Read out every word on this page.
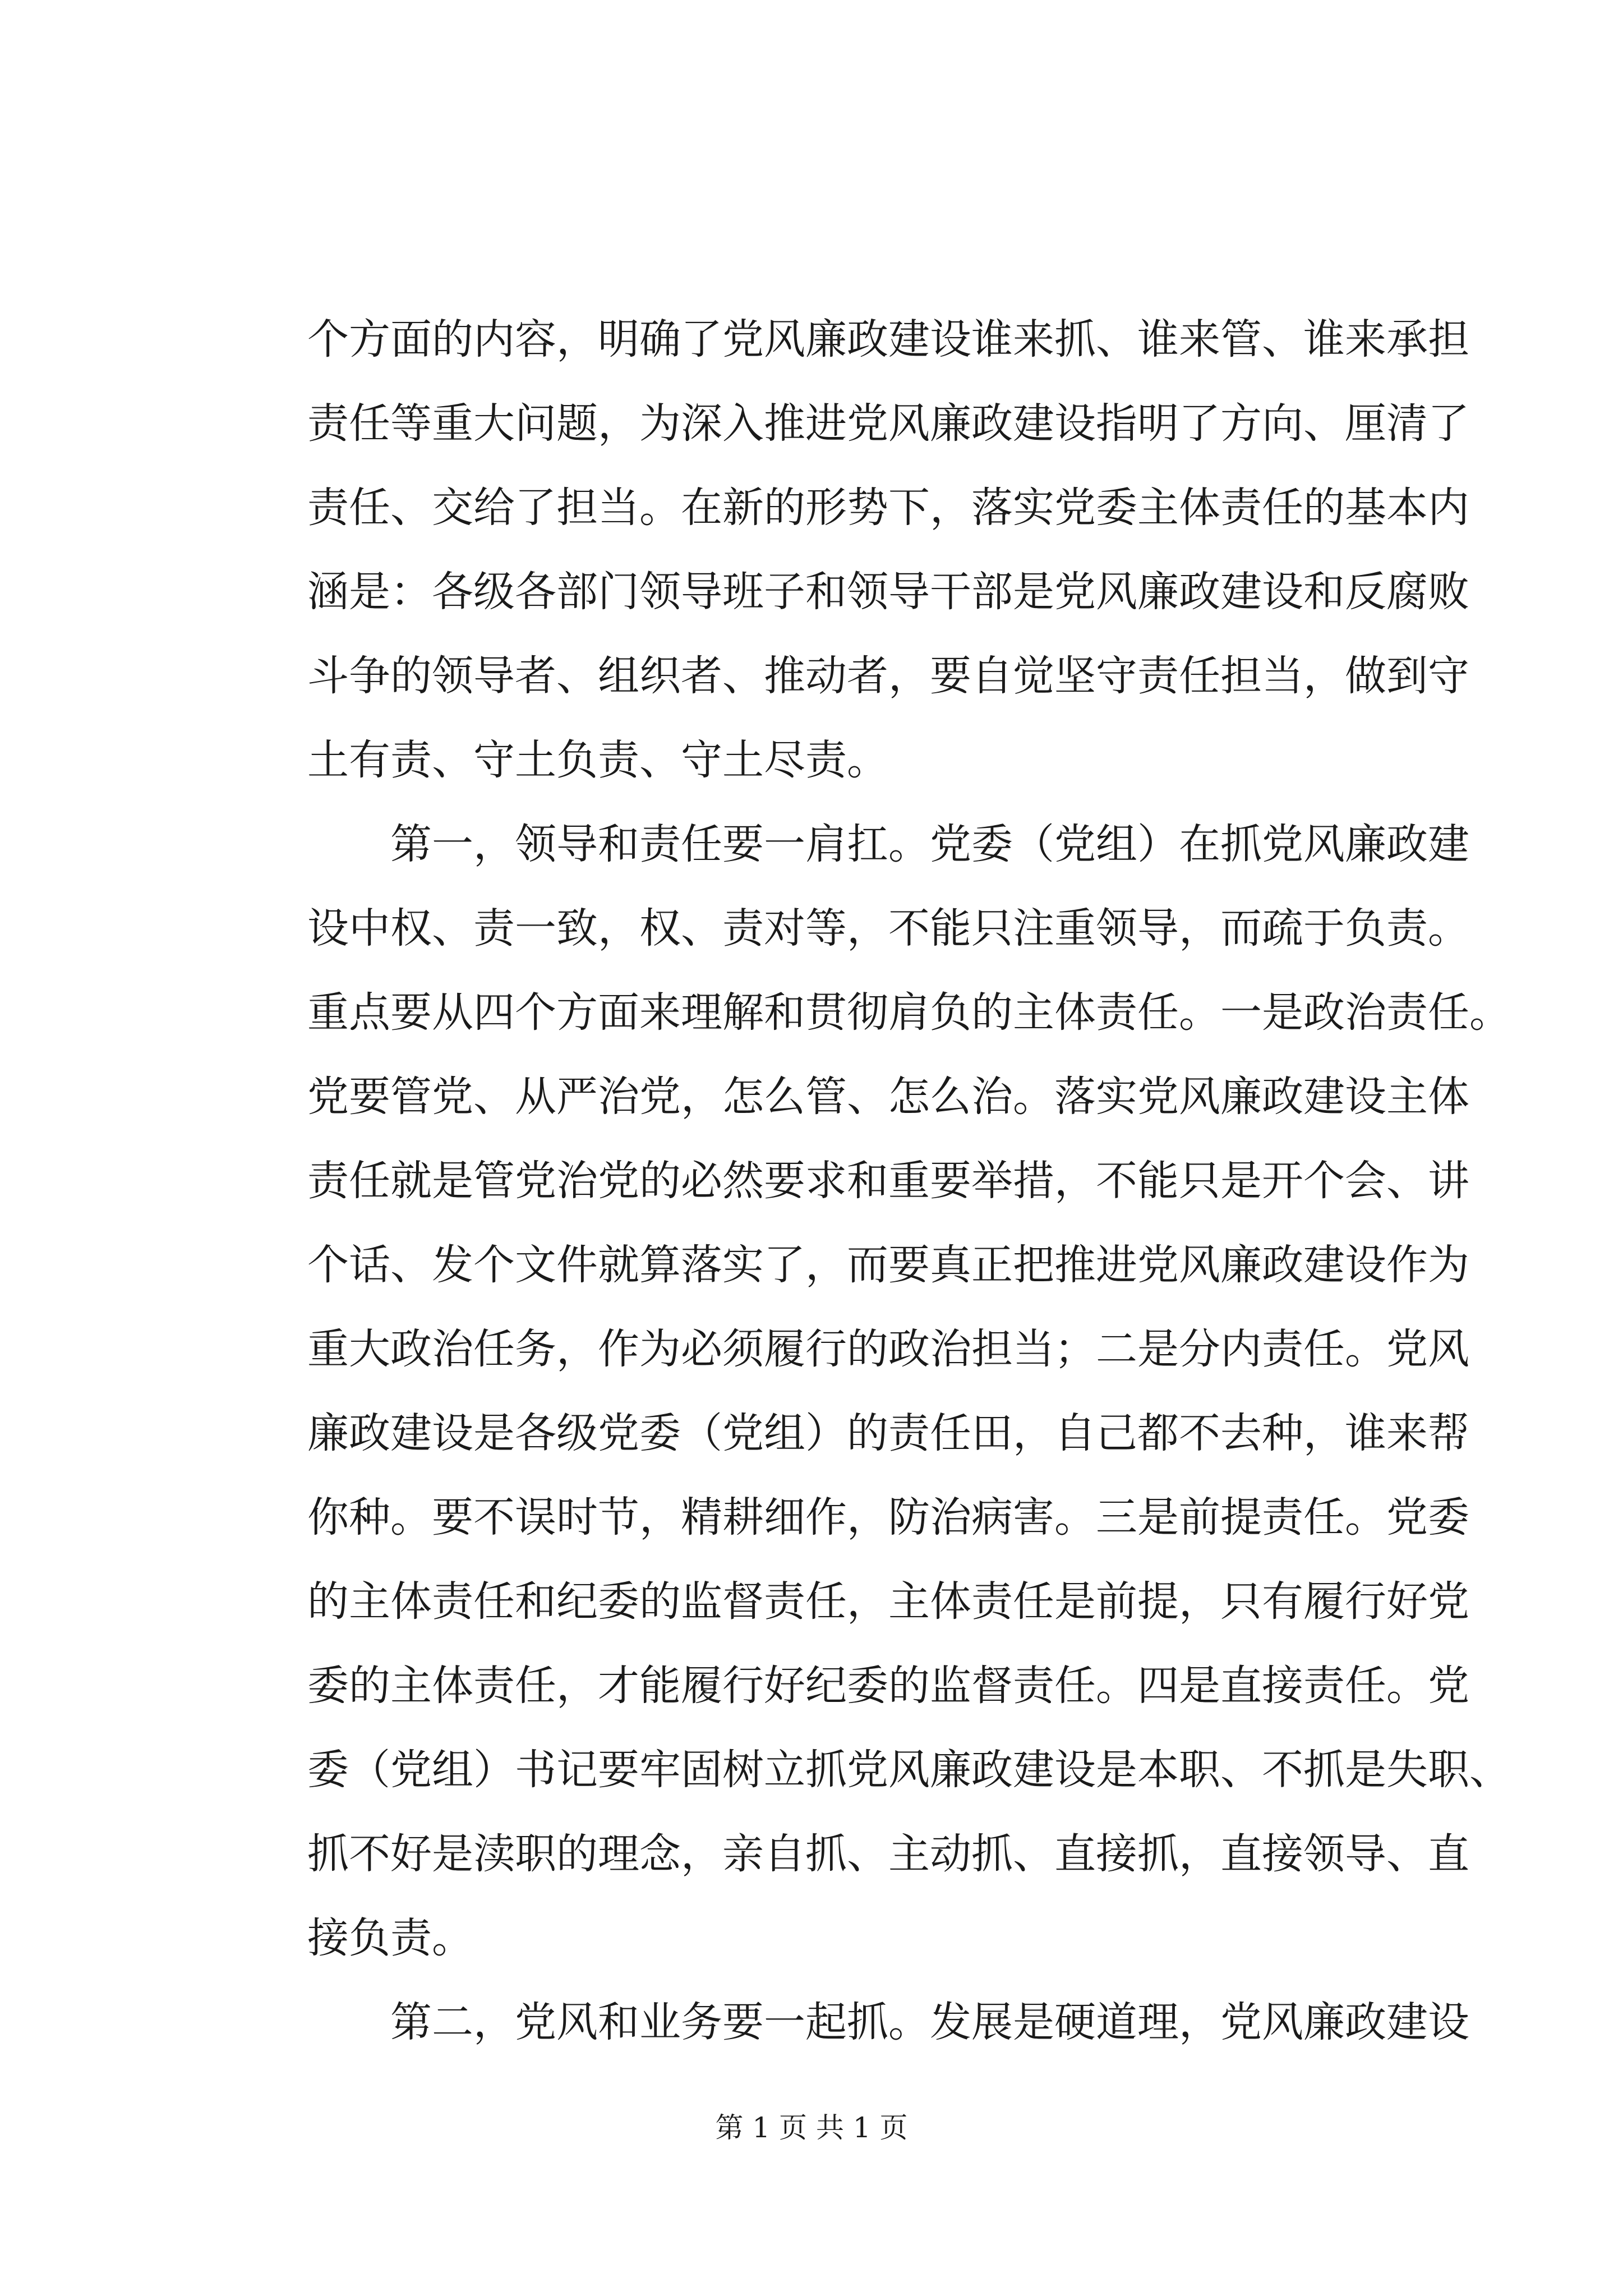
个方面的内容，明确了党风廉政建设谁来抓、谁来管、谁来承担
责任等重大问题，为深入推进党风廉政建设指明了方向、厘清了
责任、交给了担当。在新的形势下，落实党委主体责任的基本内
涵是：各级各部门领导班子和领导干部是党风廉政建设和反腐败
斗争的领导者、组织者、推动者，要自觉坚守责任担当，做到守
土有责、守土负责、守土尽责。

　　第一，领导和责任要一肩扛。党委（党组）在抓党风廉政建
设中权、责一致，权、责对等，不能只注重领导，而疏于负责。
重点要从四个方面来理解和贯彻肩负的主体责任。一是政治责任。
党要管党、从严治党，怎么管、怎么治。落实党风廉政建设主体
责任就是管党治党的必然要求和重要举措，不能只是开个会、讲
个话、发个文件就算落实了，而要真正把推进党风廉政建设作为
重大政治任务，作为必须履行的政治担当；二是分内责任。党风
廉政建设是各级党委（党组）的责任田，自己都不去种，谁来帮
你种。要不误时节，精耕细作，防治病害。三是前提责任。党委
的主体责任和纪委的监督责任，主体责任是前提，只有履行好党
委的主体责任，才能履行好纪委的监督责任。四是直接责任。党
委（党组）书记要牢固树立抓党风廉政建设是本职、不抓是失职、
抓不好是渎职的理念，亲自抓、主动抓、直接抓，直接领导、直
接负责。

　　第二，党风和业务要一起抓。发展是硬道理，党风廉政建设

第 1 页 共 1 页
